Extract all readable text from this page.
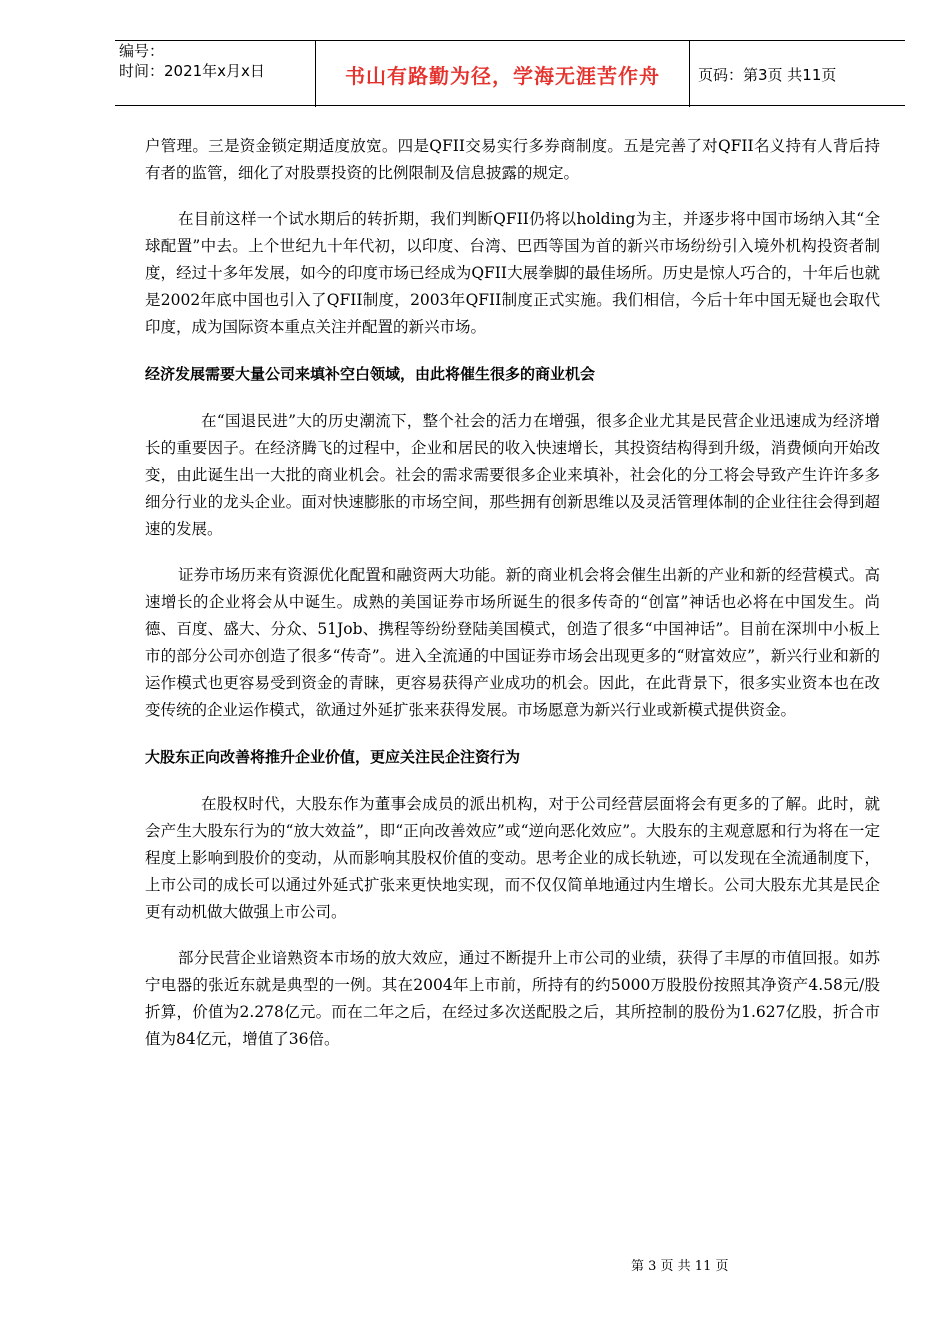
编号：
时间：2021年x月x日	书山有路勤为径，学海无涯苦作舟	页码：第3页 共11页

户管理。三是资金锁定期适度放宽。四是QFII交易实行多券商制度。五是完善了对QFII名义持有人背后持有者的监管，细化了对股票投资的比例限制及信息披露的规定。

在目前这样一个试水期后的转折期，我们判断QFII仍将以holding为主，并逐步将中国市场纳入其“全球配置”中去。上个世纪九十年代初，以印度、台湾、巴西等国为首的新兴市场纷纷引入境外机构投资者制度，经过十多年发展，如今的印度市场已经成为QFII大展拳脚的最佳场所。历史是惊人巧合的，十年后也就是2002年底中国也引入了QFII制度，2003年QFII制度正式实施。我们相信，今后十年中国无疑也会取代印度，成为国际资本重点关注并配置的新兴市场。

经济发展需要大量公司来填补空白领域，由此将催生很多的商业机会

在“国退民进”大的历史潮流下，整个社会的活力在增强，很多企业尤其是民营企业迅速成为经济增长的重要因子。在经济腾飞的过程中，企业和居民的收入快速增长，其投资结构得到升级，消费倾向开始改变，由此诞生出一大批的商业机会。社会的需求需要很多企业来填补，社会化的分工将会导致产生许许多多细分行业的龙头企业。面对快速膨胀的市场空间，那些拥有创新思维以及灵活管理体制的企业往往会得到超速的发展。

证券市场历来有资源优化配置和融资两大功能。新的商业机会将会催生出新的产业和新的经营模式。高速增长的企业将会从中诞生。成熟的美国证券市场所诞生的很多传奇的“创富”神话也必将在中国发生。尚德、百度、盛大、分众、51Job、携程等纷纷登陆美国模式，创造了很多“中国神话”。目前在深圳中小板上市的部分公司亦创造了很多“传奇”。进入全流通的中国证券市场会出现更多的“财富效应”，新兴行业和新的运作模式也更容易受到资金的青睐，更容易获得产业成功的机会。因此，在此背景下，很多实业资本也在改变传统的企业运作模式，欲通过外延扩张来获得发展。市场愿意为新兴行业或新模式提供资金。

大股东正向改善将推升企业价值，更应关注民企注资行为

在股权时代，大股东作为董事会成员的派出机构，对于公司经营层面将会有更多的了解。此时，就会产生大股东行为的“放大效益”，即“正向改善效应”或“逆向恶化效应”。大股东的主观意愿和行为将在一定程度上影响到股价的变动，从而影响其股权价值的变动。思考企业的成长轨迹，可以发现在全流通制度下，上市公司的成长可以通过外延式扩张来更快地实现，而不仅仅简单地通过内生增长。公司大股东尤其是民企更有动机做大做强上市公司。

部分民营企业谙熟资本市场的放大效应，通过不断提升上市公司的业绩，获得了丰厚的市值回报。如苏宁电器的张近东就是典型的一例。其在2004年上市前，所持有的约5000万股股份按照其净资产4.58元/股折算，价值为2.278亿元。而在二年之后，在经过多次送配股之后，其所控制的股份为1.627亿股，折合市值为84亿元，增值了36倍。

第 3 页 共 11 页
